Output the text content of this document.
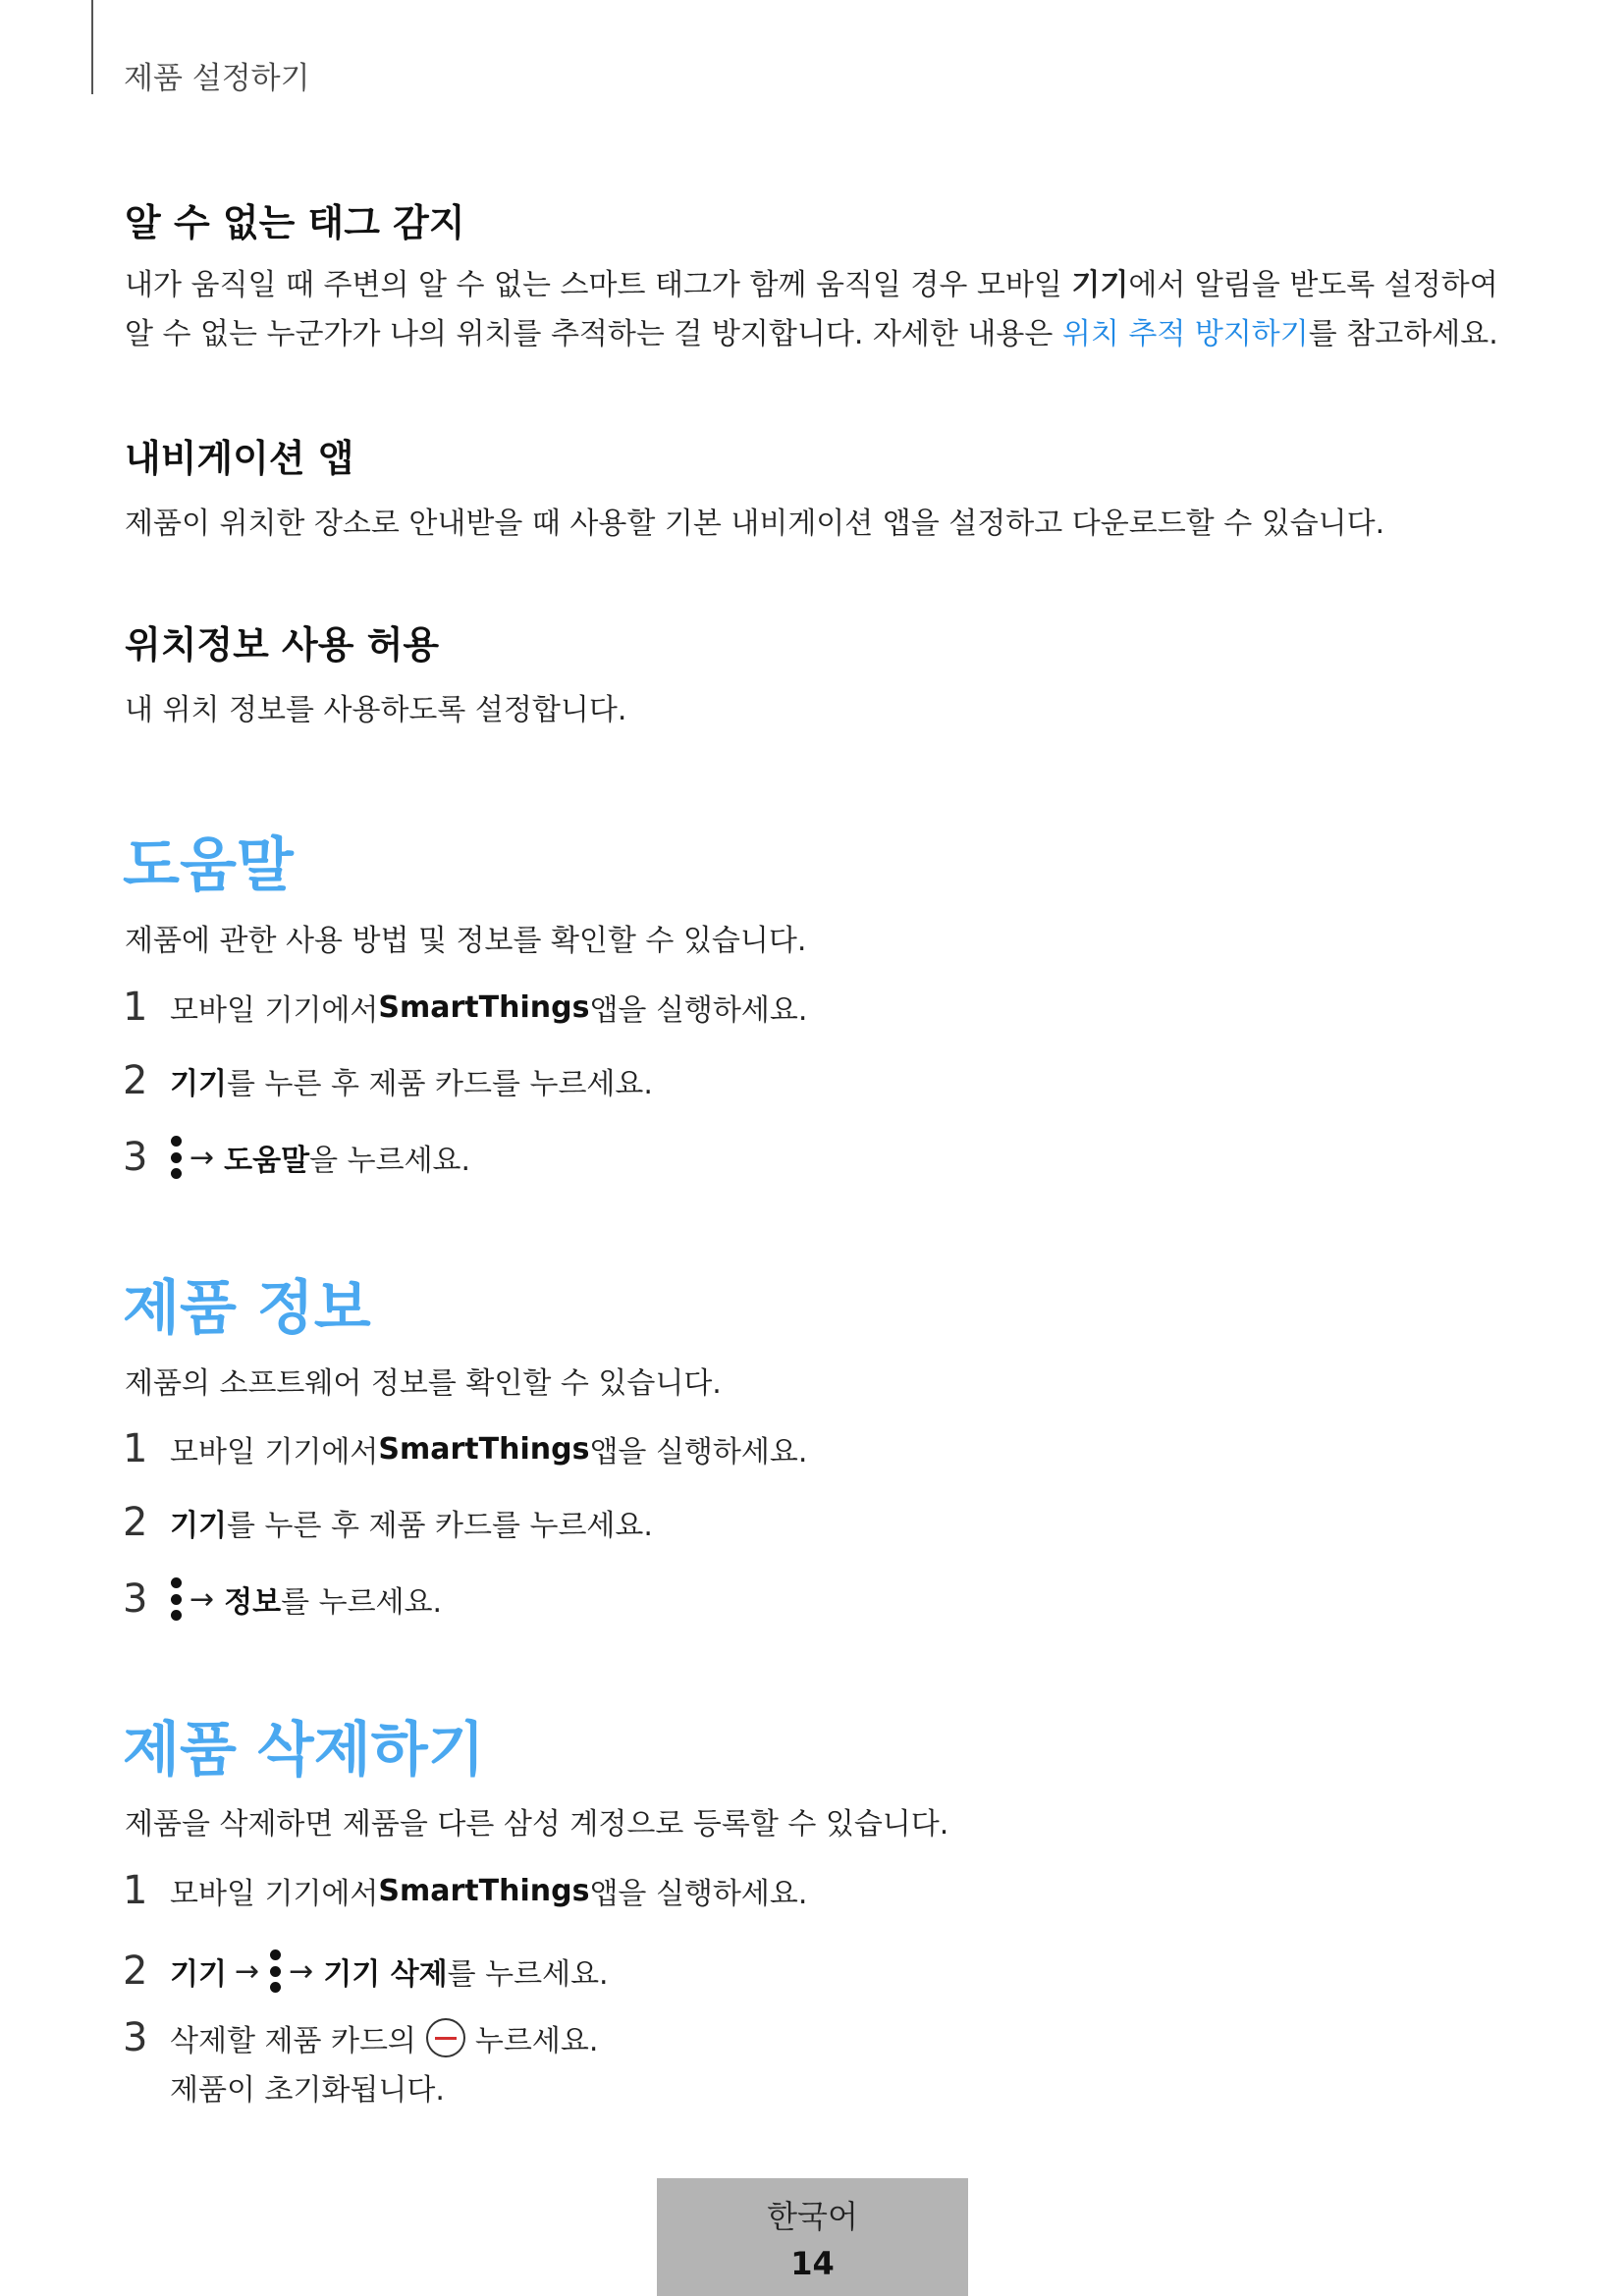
제품 설정하기
알 수 없는 태그 감지
내가 움직일 때 주변의 알 수 없는 스마트 태그가 함께 움직일 경우 모바일 기기에서 알림을 받도록 설정하여 알 수 없는 누군가가 나의 위치를 추적하는 걸 방지합니다. 자세한 내용은 위치 추적 방지하기를 참고하세요.
내비게이션 앱
제품이 위치한 장소로 안내받을 때 사용할 기본 내비게이션 앱을 설정하고 다운로드할 수 있습니다.
위치정보 사용 허용
내 위치 정보를 사용하도록 설정합니다.
도움말
제품에 관한 사용 방법 및 정보를 확인할 수 있습니다.
1 모바일 기기에서 SmartThings 앱을 실행하세요.
2 기기 를 누른 후 제품 카드를 누르세요.
3	→ 도움말 을 누르세요.
제품 정보
제품의 소프트웨어 정보를 확인할 수 있습니다.
1 모바일 기기에서 SmartThings 앱을 실행하세요.
2 기기 를 누른 후 제품 카드를 누르세요.
3	→ 정보 를 누르세요.
제품 삭제하기
제품을 삭제하면 제품을 다른 삼성 계정으로 등록할 수 있습니다.
1 모바일 기기에서 SmartThings 앱을 실행하세요.
2 기기 → → 기기 삭제 를 누르세요.
3 삭제할 제품 카드의 누르세요.
제품이 초기화됩니다.
한국어
14
